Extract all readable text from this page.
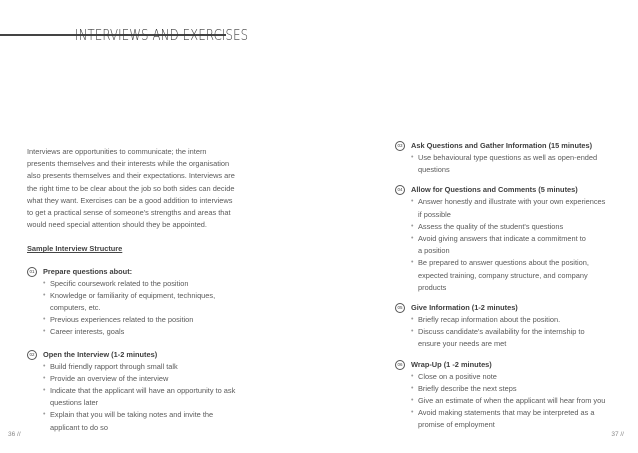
INTERVIEWS AND EXERCISES
Interviews are opportunities to communicate; the intern
presents themselves and their interests while the organisation
also presents themselves and their expectations. Interviews are
the right time to be clear about the job so both sides can decide
what they want. Exercises can be a good addition to interviews
to get a practical sense of someone's strengths and areas that
would need special attention should they be appointed.
Sample Interview Structure
01	Prepare questions about:
• Specific coursework related to the position
• Knowledge or familiarity of equipment, techniques,
computers, etc.
• Previous experiences related to the position
• Career interests, goals
02	Open the Interview (1-2 minutes)
• Build friendly rapport through small talk
• Provide an overview of the interview
• Indicate that the applicant will have an opportunity to ask
questions later
• Explain that you will be taking notes and invite the
applicant to do so
03	Ask Questions and Gather Information (15 minutes)
• Use behavioural type questions as well as open-ended
questions
04	Allow for Questions and Comments (5 minutes)
• Answer honestly and illustrate with your own experiences
if possible
• Assess the quality of the student's questions
• Avoid giving answers that indicate a commitment to
a position
• Be prepared to answer questions about the position,
expected training, company structure, and company
products
05	Give Information (1-2 minutes)
• Briefly recap information about the position.
• Discuss candidate's availability for the internship to
ensure your needs are met
06	Wrap-Up (1 -2 minutes)
• Close on a positive note
• Briefly describe the next steps
• Give an estimate of when the applicant will hear from you
• Avoid making statements that may be interpreted as a
promise of employment
36 //	37 //
